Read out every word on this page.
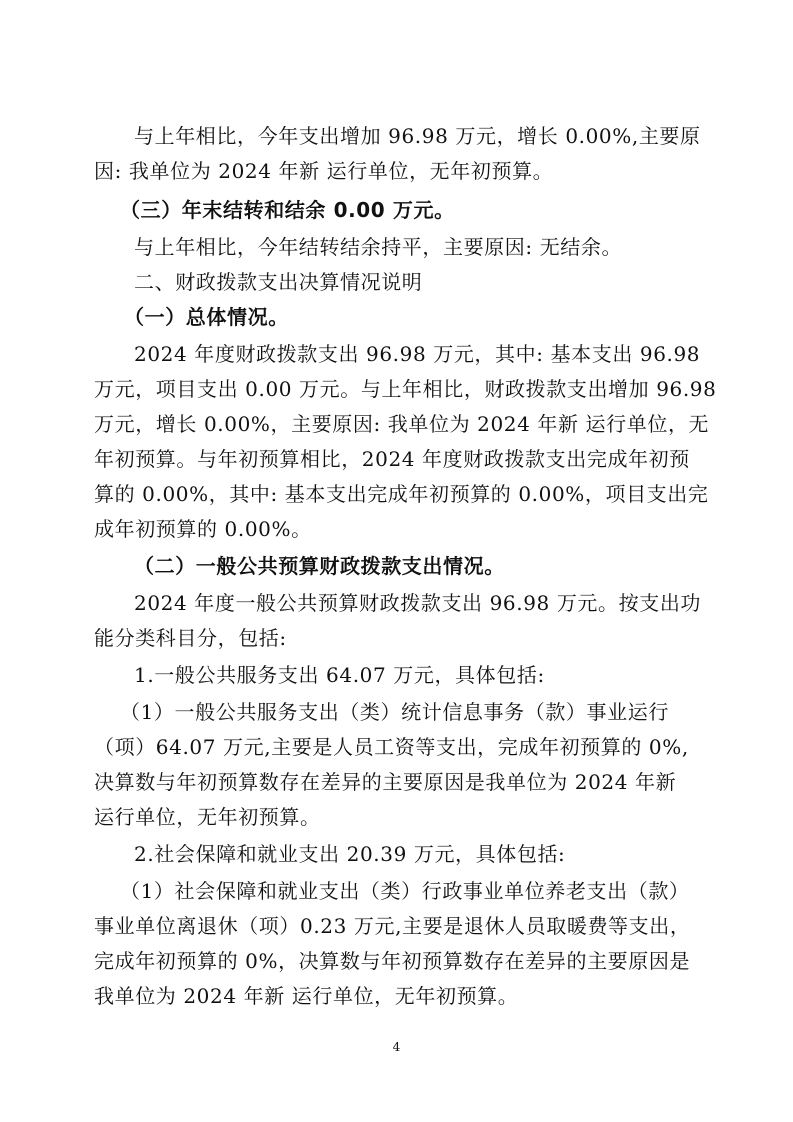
与上年相比，今年支出增加 96.98 万元，增长 0.00%,主要原
因: 我单位为 2024 年新 运行单位，无年初预算。
（三）年末结转和结余 0.00 万元。
与上年相比，今年结转结余持平，主要原因: 无结余。
二、财政拨款支出决算情况说明
（一）总体情况。
2024 年度财政拨款支出 96.98 万元，其中: 基本支出 96.98
万元，项目支出 0.00 万元。与上年相比，财政拨款支出增加 96.98
万元，增长 0.00%，主要原因: 我单位为 2024 年新 运行单位，无
年初预算。与年初预算相比，2024 年度财政拨款支出完成年初预
算的 0.00%，其中: 基本支出完成年初预算的 0.00%，项目支出完
成年初预算的 0.00%。
（二）一般公共预算财政拨款支出情况。
2024 年度一般公共预算财政拨款支出 96.98 万元。按支出功
能分类科目分，包括:
1.一般公共服务支出 64.07 万元，具体包括:
（1）一般公共服务支出（类）统计信息事务（款）事业运行
（项）64.07 万元,主要是人员工资等支出，完成年初预算的 0%,
决算数与年初预算数存在差异的主要原因是我单位为 2024 年新
运行单位，无年初预算。
2.社会保障和就业支出 20.39 万元，具体包括:
（1）社会保障和就业支出（类）行政事业单位养老支出（款）
事业单位离退休（项）0.23 万元,主要是退休人员取暖费等支出，
完成年初预算的 0%，决算数与年初预算数存在差异的主要原因是
我单位为 2024 年新 运行单位，无年初预算。
4
